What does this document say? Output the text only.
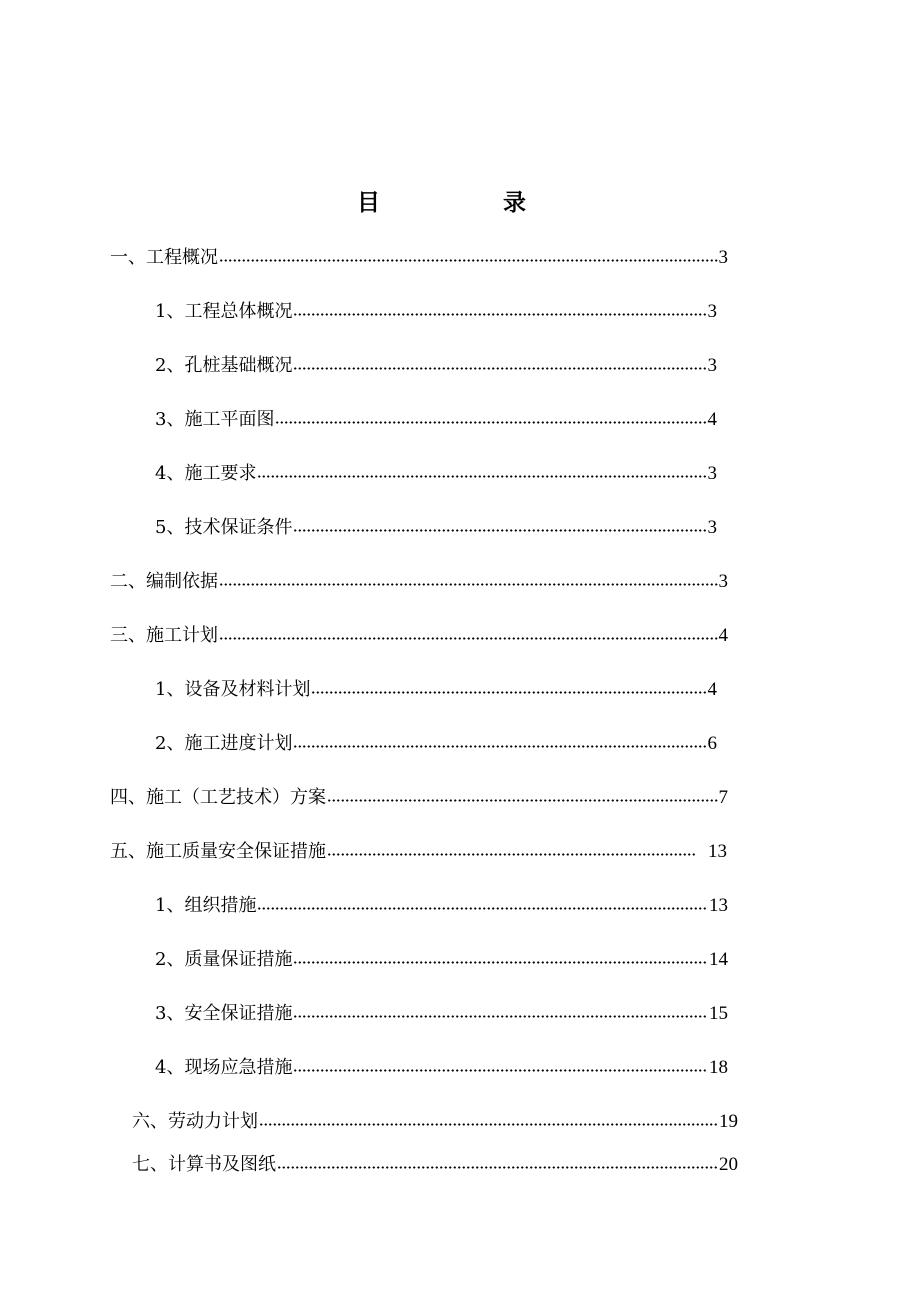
目	录
一、工程概况	3
1、工程总体概况	3
2、孔桩基础概况	3
3、施工平面图	4
4、施工要求	3
5、技术保证条件	3
二、编制依据	3
三、施工计划	4
1、设备及材料计划	4
2、施工进度计划	6
四、施工（工艺技术）方案	7
五、施工质量安全保证措施	13
1、组织措施	13
2、质量保证措施	14
3、安全保证措施	15
4、现场应急措施	18
六、劳动力计划	19
七、计算书及图纸	20
